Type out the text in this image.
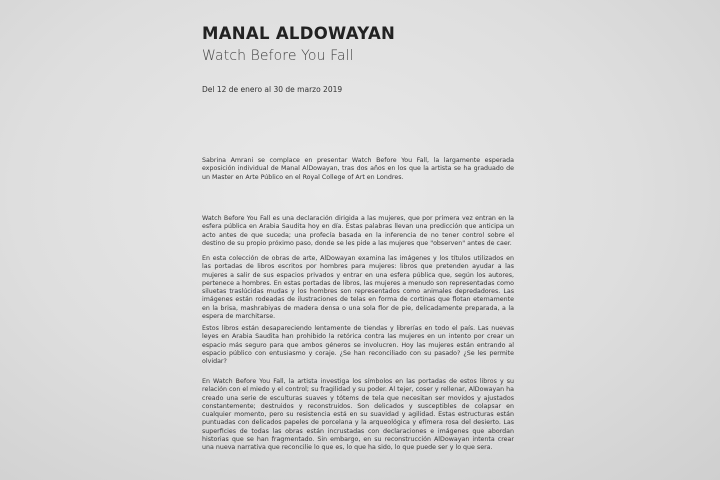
MANAL ALDOWAYAN
Watch Before You Fall

Del 12 de enero al 30 de marzo 2019

Sabrina Amrani se complace en presentar Watch Before You Fall, la largamente esperada exposición individual de Manal AlDowayan, tras dos años en los que la artista se ha graduado de un Master en Arte Público en el Royal College of Art en Londres.

Watch Before You Fall es una declaración dirigida a las mujeres, que por primera vez entran en la esfera pública en Arabia Saudita hoy en día. Estas palabras llevan una predicción que anticipa un acto antes de que suceda; una profecía basada en la inferencia de no tener control sobre el destino de su propio próximo paso, donde se les pide a las mujeres que "observen" antes de caer.

En esta colección de obras de arte, AlDowayan examina las imágenes y los títulos utilizados en las portadas de libros escritos por hombres para mujeres: libros que pretenden ayudar a las mujeres a salir de sus espacios privados y entrar en una esfera pública que, según los autores, pertenece a hombres. En estas portadas de libros, las mujeres a menudo son representadas como siluetas traslúcidas mudas y los hombres son representados como animales depredadores. Las imágenes están rodeadas de ilustraciones de telas en forma de cortinas que flotan eternamente en la brisa, mashrabiyas de madera densa o una sola flor de pie, delicadamente preparada, a la espera de marchitarse.

Estos libros están desapareciendo lentamente de tiendas y librerías en todo el país. Las nuevas leyes en Arabia Saudita han prohibido la retórica contra las mujeres en un intento por crear un espacio más seguro para que ambos géneros se involucren. Hoy las mujeres están entrando al espacio público con entusiasmo y coraje. ¿Se han reconciliado con su pasado? ¿Se les permite olvidar?

En Watch Before You Fall, la artista investiga los símbolos en las portadas de estos libros y su relación con el miedo y el control; su fragilidad y su poder. Al tejer, coser y rellenar, AlDowayan ha creado una serie de esculturas suaves y tótems de tela que necesitan ser movidos y ajustados constantemente; destruidos y reconstruidos. Son delicados y susceptibles de colapsar en cualquier momento, pero su resistencia está en su suavidad y agilidad. Estas estructuras están puntuadas con delicados papeles de porcelana y la arqueológica y efímera rosa del desierto. Las superficies de todas las obras están incrustadas con declaraciones e imágenes que abordan historias que se han fragmentado. Sin embargo, en su reconstrucción AlDowayan intenta crear una nueva narrativa que reconcilie lo que es, lo que ha sido, lo que puede ser y lo que sera.
